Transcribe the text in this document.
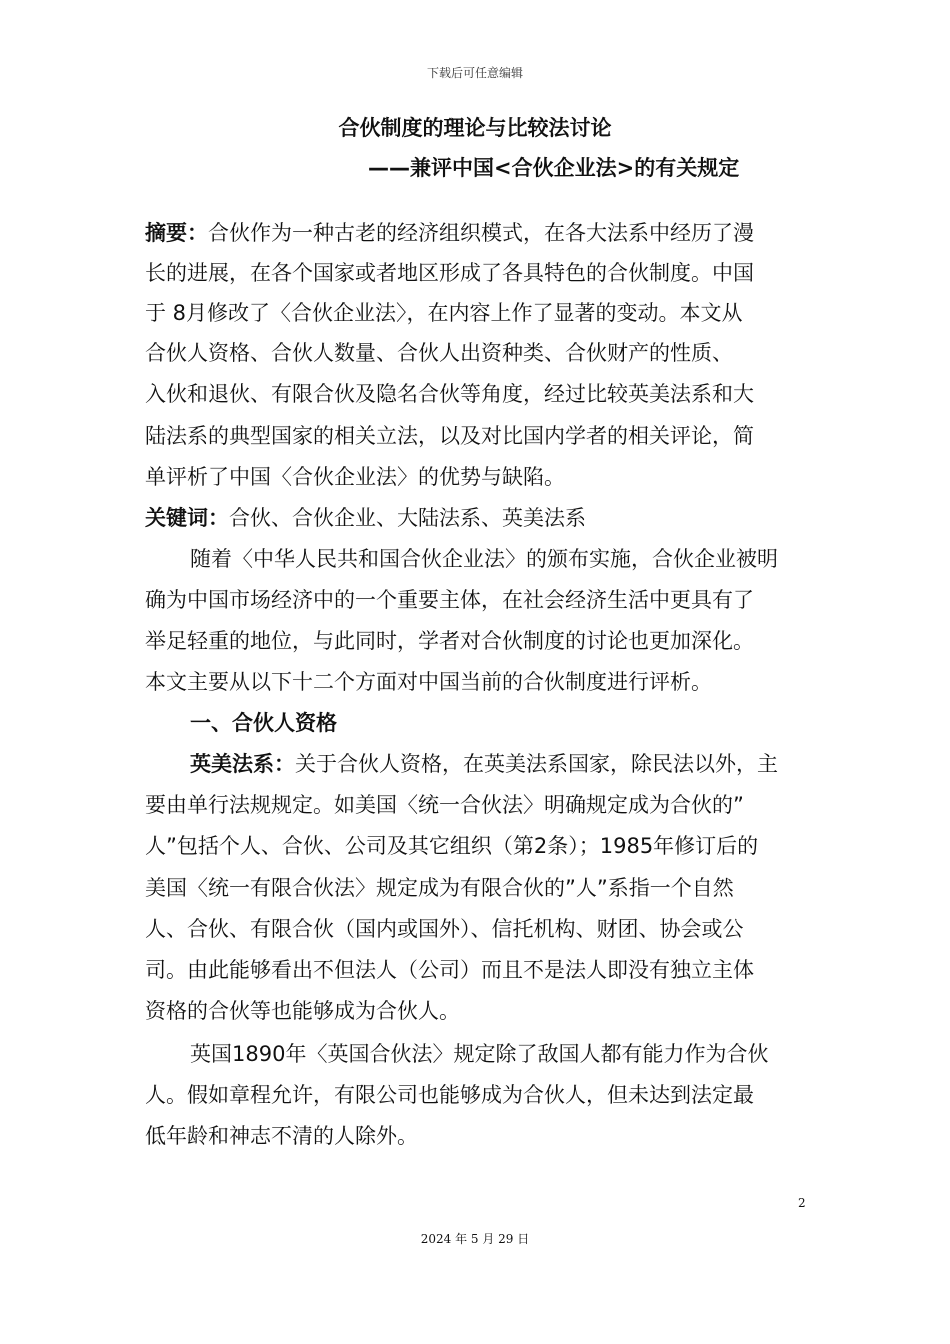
下载后可任意编辑
合伙制度的理论与比较法讨论
——兼评中国<合伙企业法>的有关规定
摘要：合伙作为一种古老的经济组织模式，在各大法系中经历了漫
长的进展，在各个国家或者地区形成了各具特色的合伙制度。中国
于 8月修改了〈合伙企业法〉，在内容上作了显著的变动。本文从
合伙人资格、合伙人数量、合伙人出资种类、合伙财产的性质、
入伙和退伙、有限合伙及隐名合伙等角度，经过比较英美法系和大
陆法系的典型国家的相关立法，以及对比国内学者的相关评论，简
单评析了中国〈合伙企业法〉的优势与缺陷。
关键词：合伙、合伙企业、大陆法系、英美法系
随着〈中华人民共和国合伙企业法〉的颁布实施，合伙企业被明
确为中国市场经济中的一个重要主体，在社会经济生活中更具有了
举足轻重的地位，与此同时，学者对合伙制度的讨论也更加深化。
本文主要从以下十二个方面对中国当前的合伙制度进行评析。
一、合伙人资格
英美法系：关于合伙人资格，在英美法系国家，除民法以外，主
要由单行法规规定。如美国〈统一合伙法〉明确规定成为合伙的”
人”包括个人、合伙、公司及其它组织（第2条）；1985年修订后的
美国〈统一有限合伙法〉规定成为有限合伙的”人”系指一个自然
人、合伙、有限合伙（国内或国外）、信托机构、财团、协会或公
司。由此能够看出不但法人（公司）而且不是法人即没有独立主体
资格的合伙等也能够成为合伙人。
英国1890年〈英国合伙法〉规定除了敌国人都有能力作为合伙
人。假如章程允许，有限公司也能够成为合伙人，但未达到法定最
低年龄和神志不清的人除外。
2
2024 年 5 月 29 日
